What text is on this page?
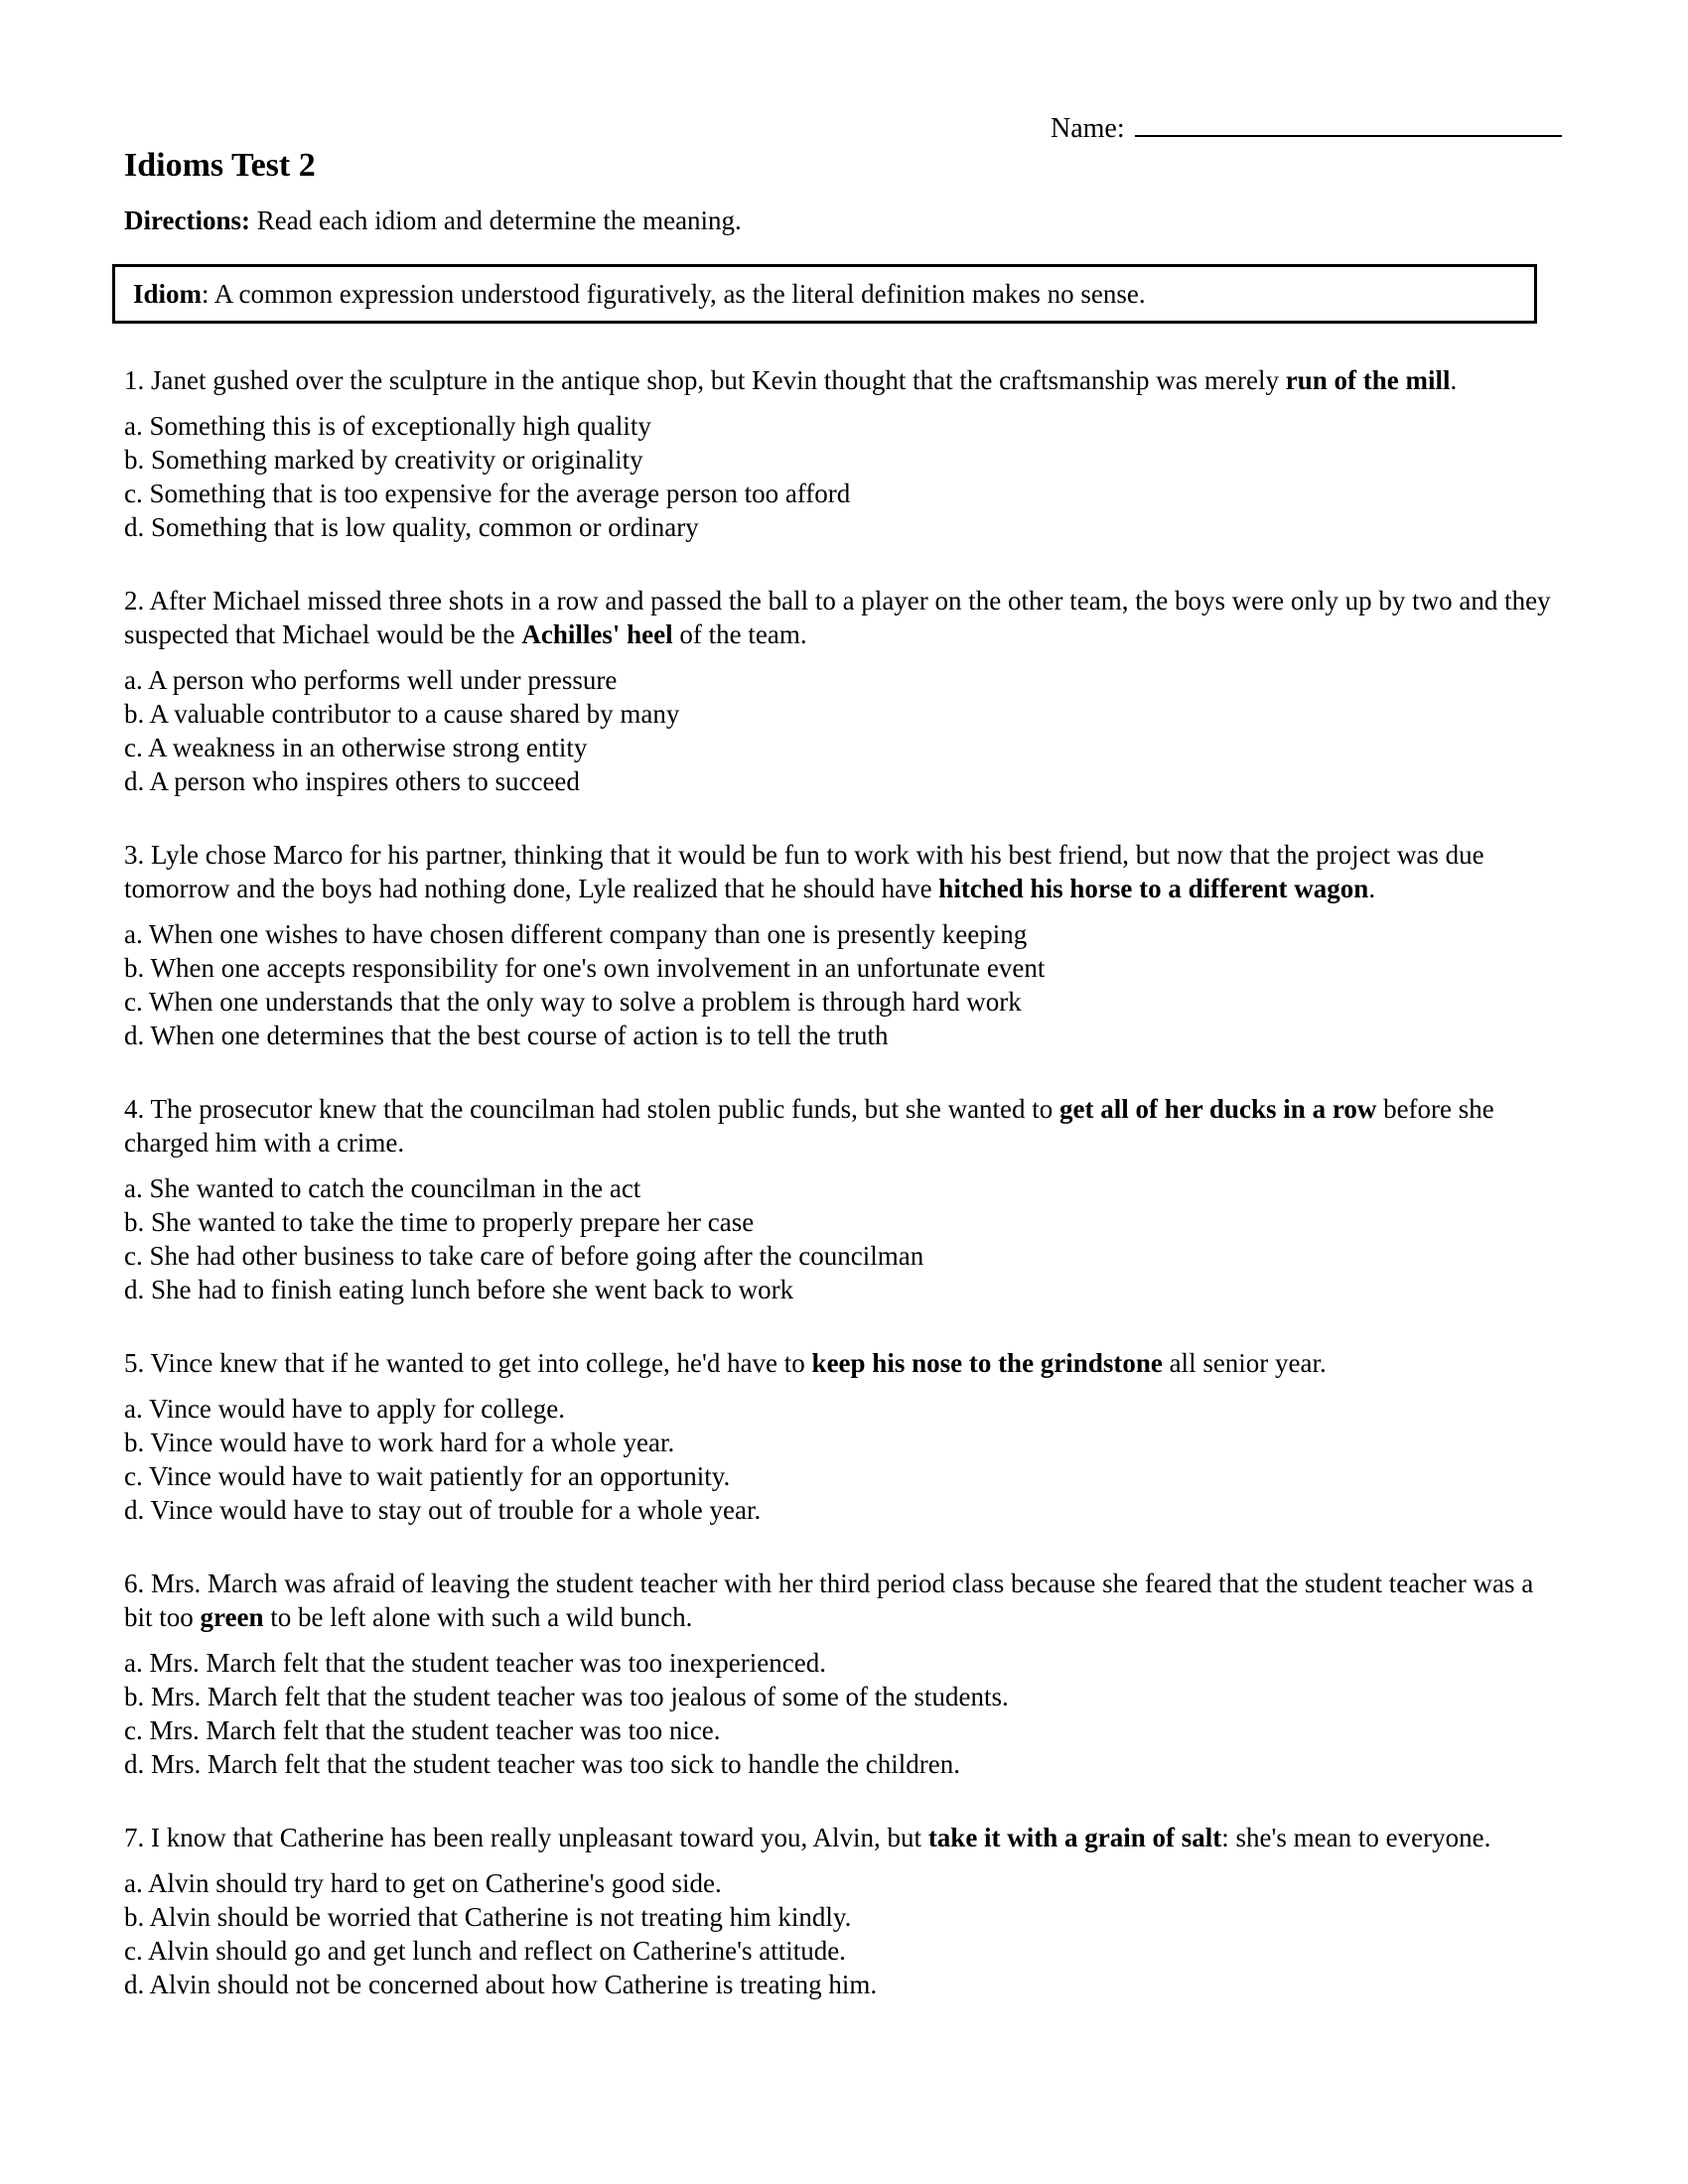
Name:
Idioms Test 2

Directions: Read each idiom and determine the meaning.

Idiom: A common expression understood figuratively, as the literal definition makes no sense.

1. Janet gushed over the sculpture in the antique shop, but Kevin thought that the craftsmanship was merely run of the mill.

a. Something this is of exceptionally high quality

b. Something marked by creativity or originality

c. Something that is too expensive for the average person too afford

d. Something that is low quality, common or ordinary

2. After Michael missed three shots in a row and passed the ball to a player on the other team, the boys were only up by two and they suspected that Michael would be the Achilles' heel of the team.

a. A person who performs well under pressure

b. A valuable contributor to a cause shared by many

c. A weakness in an otherwise strong entity

d. A person who inspires others to succeed

3. Lyle chose Marco for his partner, thinking that it would be fun to work with his best friend, but now that the project was due tomorrow and the boys had nothing done, Lyle realized that he should have hitched his horse to a different wagon.

a. When one wishes to have chosen different company than one is presently keeping

b. When one accepts responsibility for one's own involvement in an unfortunate event

c. When one understands that the only way to solve a problem is through hard work

d. When one determines that the best course of action is to tell the truth

4. The prosecutor knew that the councilman had stolen public funds, but she wanted to get all of her ducks in a row before she charged him with a crime.

a. She wanted to catch the councilman in the act

b. She wanted to take the time to properly prepare her case

c. She had other business to take care of before going after the councilman

d. She had to finish eating lunch before she went back to work

5. Vince knew that if he wanted to get into college, he'd have to keep his nose to the grindstone all senior year.

a. Vince would have to apply for college.

b. Vince would have to work hard for a whole year.

c. Vince would have to wait patiently for an opportunity.

d. Vince would have to stay out of trouble for a whole year.

6. Mrs. March was afraid of leaving the student teacher with her third period class because she feared that the student teacher was a bit too green to be left alone with such a wild bunch.

a. Mrs. March felt that the student teacher was too inexperienced.

b. Mrs. March felt that the student teacher was too jealous of some of the students.

c. Mrs. March felt that the student teacher was too nice.

d. Mrs. March felt that the student teacher was too sick to handle the children.

7. I know that Catherine has been really unpleasant toward you, Alvin, but take it with a grain of salt: she's mean to everyone.

a. Alvin should try hard to get on Catherine's good side.

b. Alvin should be worried that Catherine is not treating him kindly.

c. Alvin should go and get lunch and reflect on Catherine's attitude.

d. Alvin should not be concerned about how Catherine is treating him.
